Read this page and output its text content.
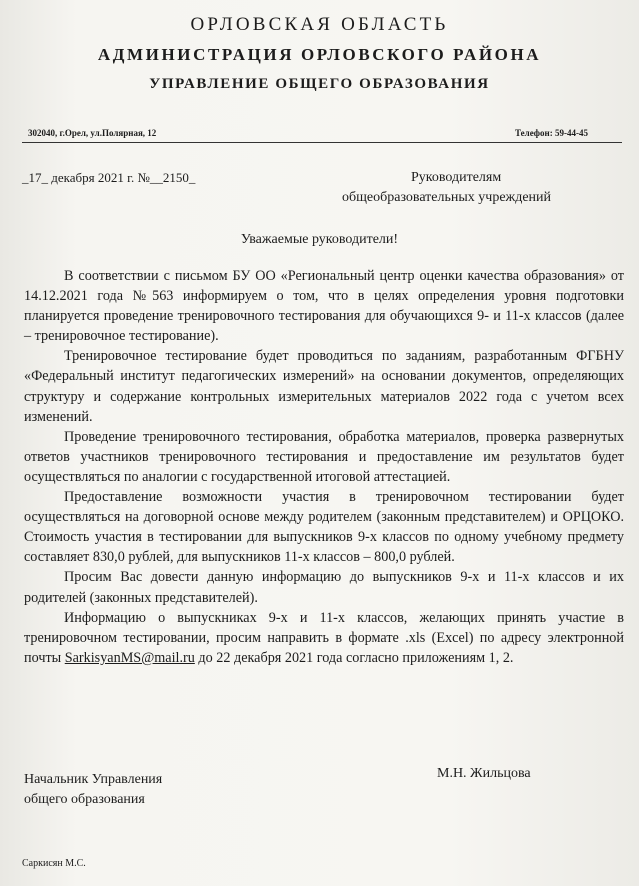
ОРЛОВСКАЯ ОБЛАСТЬ
АДМИНИСТРАЦИЯ ОРЛОВСКОГО РАЙОНА
УПРАВЛЕНИЕ ОБЩЕГО ОБРАЗОВАНИЯ
302040, г.Орел, ул.Полярная, 12	Телефон: 59-44-45
_17_ декабря 2021 г. №__2150_	Руководителям
общеобразовательных учреждений
Уважаемые руководители!

В соответствии с письмом БУ ОО «Региональный центр оценки качества образования» от 14.12.2021 года №563 информируем о том, что в целях определения уровня подготовки планируется проведение тренировочного тестирования для обучающихся 9- и 11-х классов (далее – тренировочное тестирование).

Тренировочное тестирование будет проводиться по заданиям, разработанным ФГБНУ «Федеральный институт педагогических измерений» на основании документов, определяющих структуру и содержание контрольных измерительных материалов 2022 года с учетом всех изменений.

Проведение тренировочного тестирования, обработка материалов, проверка развернутых ответов участников тренировочного тестирования и предоставление им результатов будет осуществляться по аналогии с государственной итоговой аттестацией.

Предоставление возможности участия в тренировочном тестировании будет осуществляться на договорной основе между родителем (законным представителем) и ОРЦОКО. Стоимость участия в тестировании для выпускников 9-х классов по одному учебному предмету составляет 830,0 рублей, для выпускников 11-х классов – 800,0 рублей.

Просим Вас довести данную информацию до выпускников 9-х и 11-х классов и их родителей (законных представителей).

Информацию о выпускниках 9-х и 11-х классов, желающих принять участие в тренировочном тестировании, просим направить в формате .xls (Excel) по адресу электронной почты SarkisyanMS@mail.ru до 22 декабря 2021 года согласно приложениям 1, 2.

Начальник Управления
общего образования
М.Н. Жильцова
Саркисян М.С.
